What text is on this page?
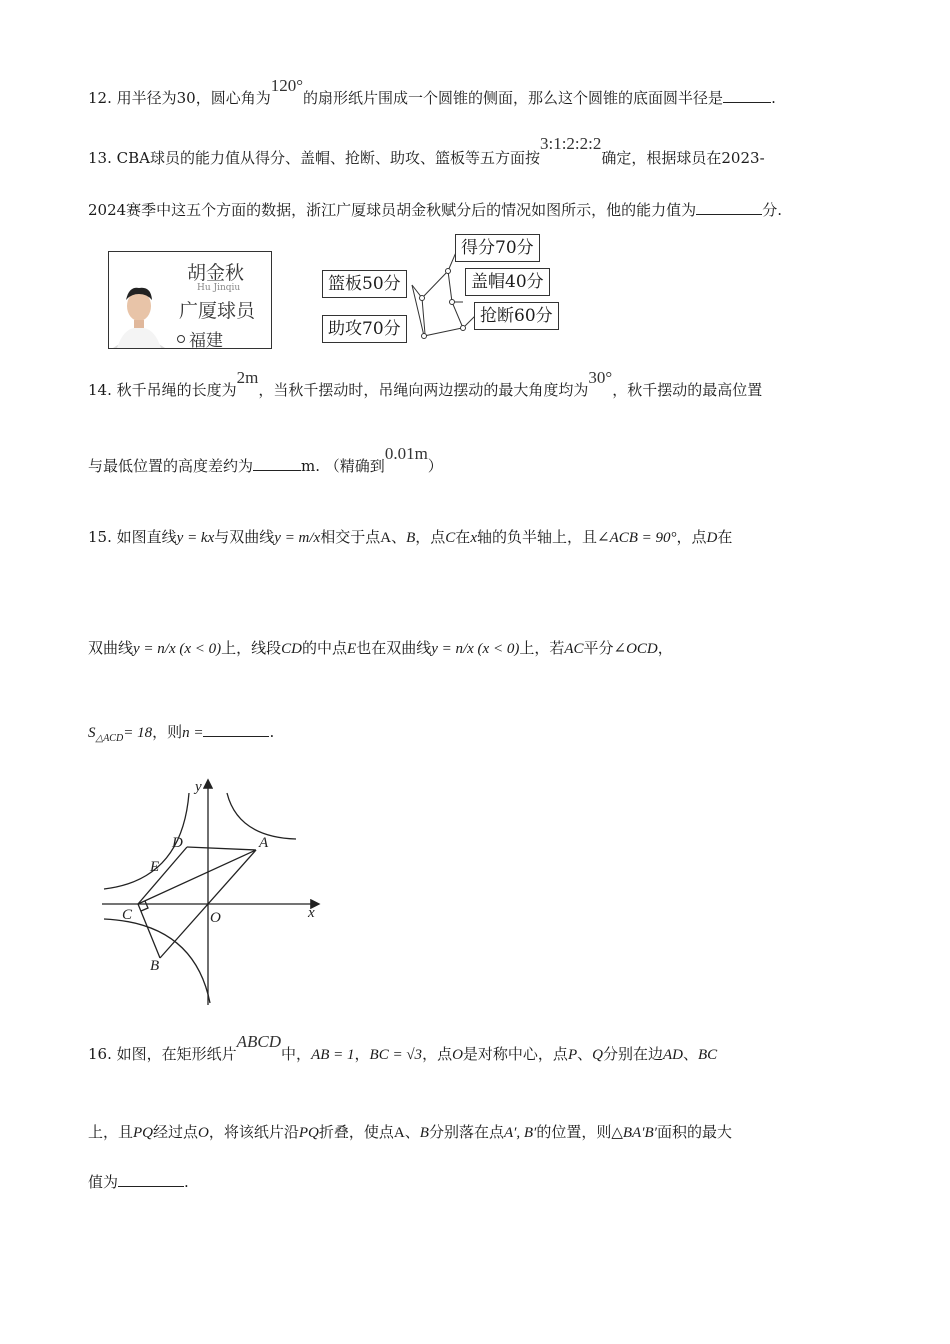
12. 用半径为30，圆心角为120°的扇形纸片围成一个圆锥的侧面，那么这个圆锥的底面圆半径是	.
13. CBA球员的能力值从得分、盖帽、抢断、助攻、篮板等五方面按3:1:2:2:2确定，根据球员在2023-
2024赛季中这五个方面的数据，浙江广厦球员胡金秋赋分后的情况如图所示，他的能力值为	分.
胡金秋
Hu Jinqiu
广厦球员
福建
得分70分
盖帽40分
抢断60分
篮板50分
助攻70分
14. 秋千吊绳的长度为2m，当秋千摆动时，吊绳向两边摆动的最大角度均为30°，秋千摆动的最高位置
与最低位置的高度差约为	m. （精确到0.01m）
15. 如图直线y = kx与双曲线y = m/x相交于点A、B，点C在x轴的负半轴上，且∠ACB = 90°，点D在
双曲线y = n/x (x < 0)上，线段CD的中点E也在双曲线y = n/x (x < 0)上，若AC平分∠OCD，
$S_{\triangle ACD}= 18$，则n =	.
y
x
O
A
B
C
D
E
16. 如图，在矩形纸片ABCD中，AB = 1，BC = √3，点O是对称中心，点P、Q分别在边AD、BC
上，且PQ经过点O，将该纸片沿PQ折叠，使点A、B分别落在点A′, B′的位置，则△BA′B′面积的最大
值为	.
